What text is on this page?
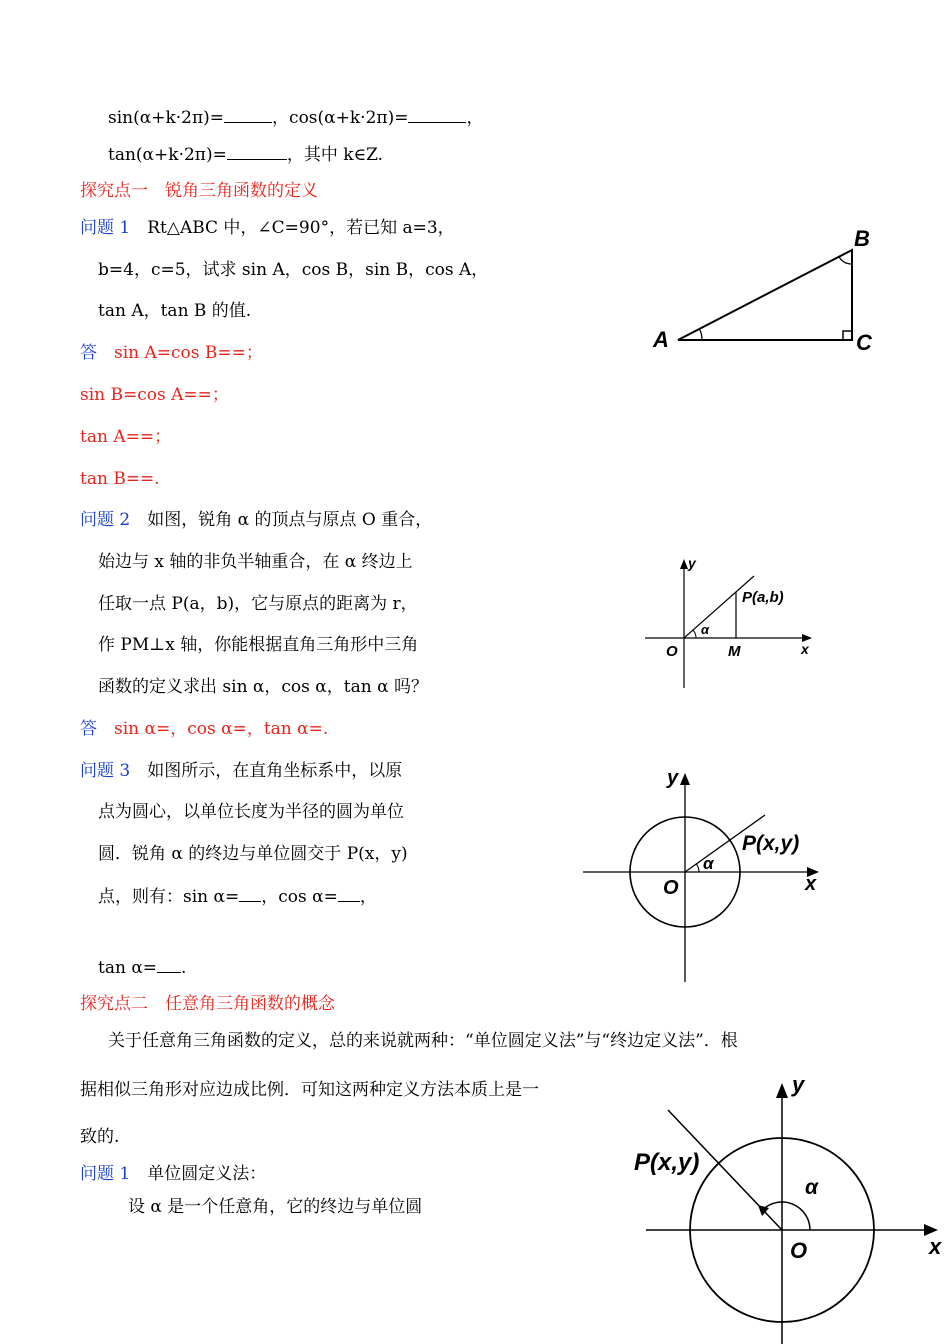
sin(α+k·2π)=	，cos(α+k·2π)=	，
tan(α+k·2π)=	，其中 k∈Z.
探究点一　锐角三角函数的定义
问题 1　 Rt△ABC 中，∠C=90°，若已知 a=3，
b=4，c=5，试求 sin A，cos B，sin B，cos A，
tan A，tan B 的值.
答　 sin A=cos B==；
sin B=cos A==；
tan A==；
tan B==.
问题 2　 如图，锐角 α 的顶点与原点 O 重合，
始边与 x 轴的非负半轴重合，在 α 终边上
任取一点 P(a，b)，它与原点的距离为 r，
作 PM⊥x 轴，你能根据直角三角形中三角
函数的定义求出 sin α，cos α，tan α 吗？
答　 sin α=，cos α=，tan α=.
问题 3　 如图所示，在直角坐标系中，以原
点为圆心，以单位长度为半径的圆为单位
圆．锐角 α 的终边与单位圆交于 P(x，y)
点，则有：sin α= ，cos α= ，
tan α= .
探究点二　任意角三角函数的概念
关于任意角三角函数的定义，总的来说就两种：“单位圆定义法”与“终边定义法”．根
据相似三角形对应边成比例．可知这两种定义方法本质上是一
致的.
问题 1　 单位圆定义法：
设 α 是一个任意角，它的终边与单位圆
A
B
C
y
P(a,b)
α
O	M	x
y
P(x,y)
α
O	x
y
P(x,y)
α
O	x
